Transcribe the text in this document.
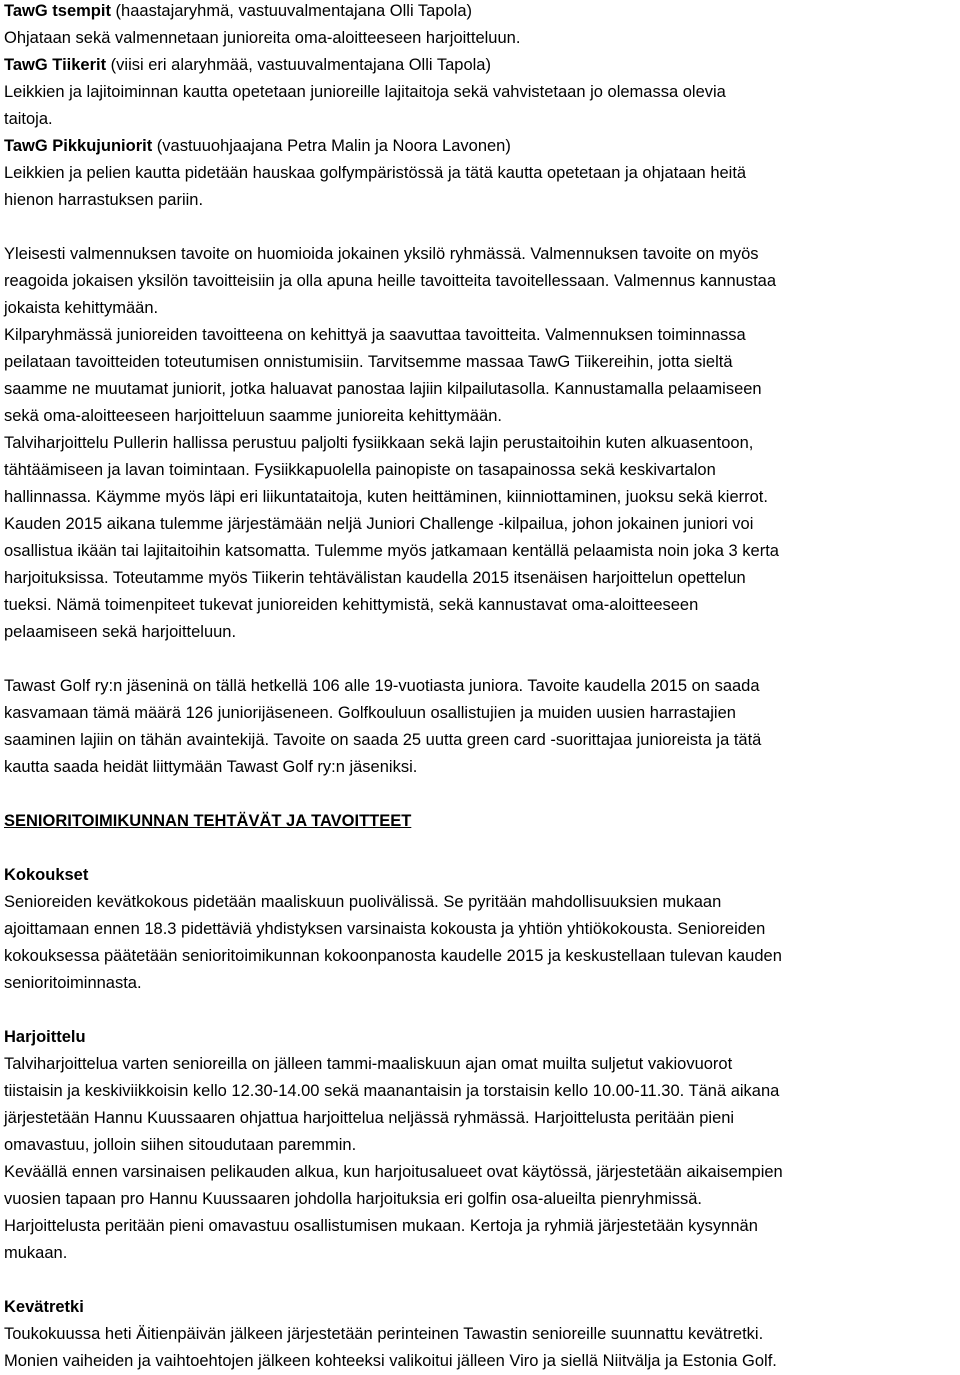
TawG tsempit (haastajaryhmä, vastuuvalmentajana Olli Tapola)
Ohjataan sekä valmennetaan junioreita oma-aloitteeseen harjoitteluun.
TawG Tiikerit (viisi eri alaryhmää, vastuuvalmentajana Olli Tapola)
Leikkien ja lajitoiminnan kautta opetetaan junioreille lajitaitoja sekä vahvistetaan jo olemassa olevia
taitoja.
TawG Pikkujuniorit (vastuuohjaajana Petra Malin ja Noora Lavonen)
Leikkien ja pelien kautta pidetään hauskaa golfympäristössä ja tätä kautta opetetaan ja ohjataan heitä
hienon harrastuksen pariin.
Yleisesti valmennuksen tavoite on huomioida jokainen yksilö ryhmässä. Valmennuksen tavoite on myös
reagoida jokaisen yksilön tavoitteisiin ja olla apuna heille tavoitteita tavoitellessaan. Valmennus kannustaa
jokaista kehittymään.
Kilparyhmässä junioreiden tavoitteena on kehittyä ja saavuttaa tavoitteita. Valmennuksen toiminnassa
peilataan tavoitteiden toteutumisen onnistumisiin. Tarvitsemme massaa TawG Tiikereihin, jotta sieltä
saamme ne muutamat juniorit, jotka haluavat panostaa lajiin kilpailutasolla. Kannustamalla pelaamiseen
sekä oma-aloitteeseen harjoitteluun saamme junioreita kehittymään.
Talviharjoittelu Pullerin hallissa perustuu paljolti fysiikkaan sekä lajin perustaitoihin kuten alkuasentoon,
tähtäämiseen ja lavan toimintaan. Fysiikkapuolella painopiste on tasapainossa sekä keskivartalon
hallinnassa. Käymme myös läpi eri liikuntataitoja, kuten heittäminen, kiinniottaminen, juoksu sekä kierrot.
Kauden 2015 aikana tulemme järjestämään neljä Juniori Challenge -kilpailua, johon jokainen juniori voi
osallistua ikään tai lajitaitoihin katsomatta. Tulemme myös jatkamaan kentällä pelaamista noin joka 3 kerta
harjoituksissa. Toteutamme myös Tiikerin tehtävälistan kaudella 2015 itsenäisen harjoittelun opettelun
tueksi. Nämä toimenpiteet tukevat junioreiden kehittymistä, sekä kannustavat oma-aloitteeseen
pelaamiseen sekä harjoitteluun.
Tawast Golf ry:n jäseninä on tällä hetkellä 106 alle 19-vuotiasta juniora. Tavoite kaudella 2015 on saada
kasvamaan tämä määrä 126 juniorijäseneen. Golfkouluun osallistujien ja muiden uusien harrastajien
saaminen lajiin on tähän avaintekijä. Tavoite on saada 25 uutta green card -suorittajaa junioreista ja tätä
kautta saada heidät liittymään Tawast Golf ry:n jäseniksi.
SENIORITOIMIKUNNAN TEHTÄVÄT JA TAVOITTEET
Kokoukset
Senioreiden kevätkokous pidetään maaliskuun puolivälissä. Se pyritään mahdollisuuksien mukaan
ajoittamaan ennen 18.3 pidettäviä yhdistyksen varsinaista kokousta ja yhtiön yhtiökokousta. Senioreiden
kokouksessa päätetään senioritoimikunnan kokoonpanosta kaudelle 2015 ja keskustellaan tulevan kauden
senioritoiminnasta.
Harjoittelu
Talviharjoittelua varten senioreilla on jälleen tammi-maaliskuun ajan omat muilta suljetut vakiovuorot
tiistaisin ja keskiviikkoisin kello 12.30-14.00 sekä maanantaisin ja torstaisin kello 10.00-11.30. Tänä aikana
järjestetään Hannu Kuussaaren ohjattua harjoittelua neljässä ryhmässä. Harjoittelusta peritään pieni
omavastuu, jolloin siihen sitoudutaan paremmin.
Keväällä ennen varsinaisen pelikauden alkua, kun harjoitusalueet ovat käytössä, järjestetään aikaisempien
vuosien tapaan pro Hannu Kuussaaren johdolla harjoituksia eri golfin osa-alueilta pienryhmissä.
Harjoittelusta peritään pieni omavastuu osallistumisen mukaan. Kertoja ja ryhmiä järjestetään kysynnän
mukaan.
Kevätretki
Toukokuussa heti Äitienpäivän jälkeen järjestetään perinteinen Tawastin senioreille suunnattu kevätretki.
Monien vaiheiden ja vaihtoehtojen jälkeen kohteeksi valikoitui jälleen Viro ja siellä Niitvälja ja Estonia Golf.
